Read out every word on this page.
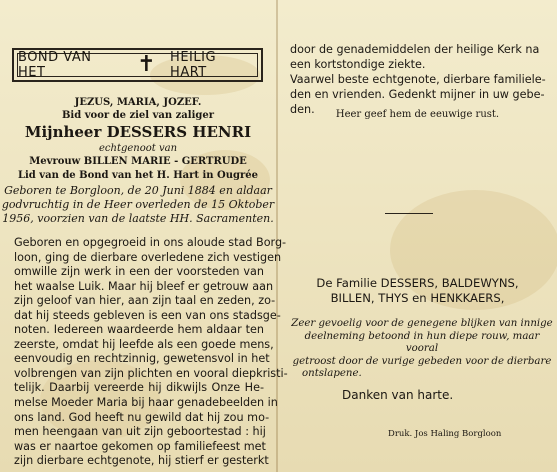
BOND VAN HET	✝ HEILIG HART
JEZUS, MARIA, JOZEF.
Bid voor de ziel van zaliger
Mijnheer DESSERS HENRI
echtgenoot van
Mevrouw BILLEN MARIE - GERTRUDE
Lid van de Bond van het H. Hart in Ougrée
Geboren te Borgloon, de 20 Juni 1884 en aldaar
godvruchtig in de Heer overleden de 15 Oktober
1956, voorzien van de laatste HH. Sacramenten.
Geboren en opgegroeid in ons aloude stad Borg-
loon, ging de dierbare overledene zich vestigen
omwille zijn werk in een der voorsteden van
het waalse Luik. Maar hij bleef er getrouw aan
zijn geloof van hier, aan zijn taal en zeden, zo-
dat hij steeds gebleven is een van ons stadsge-
noten. Iedereen waardeerde hem aldaar ten
zeerste, omdat hij leefde als een goede mens,
eenvoudig en rechtzinnig, gewetensvol in het
volbrengen van zijn plichten en vooral diepkristi-
telijk. Daarbij vereerde hij dikwijls Onze He-
melse Moeder Maria bij haar genadebeelden in
ons land. God heeft nu gewild dat hij zou mo-
men heengaan van uit zijn geboortestad : hij
was er naartoe gekomen op familiefeest met
zijn dierbare echtgenote, hij stierf er gesterkt
door de genademiddelen der heilige Kerk na
een kortstondige ziekte.
Vaarwel beste echtgenote, dierbare familiele-
den en vrienden. Gedenkt mijner in uw gebe-
den.	Heer geef hem de eeuwige rust.
De Familie DESSERS, BALDEWYNS,
BILLEN, THYS en HENKKAERS,
Zeer gevoelig voor de genegene blijken van innige
deelneming betoond in hun diepe rouw, maar vooral
getroost door de vurige gebeden voor de dierbare
ontslapene.
Danken van harte.
Druk. Jos Haling Borgloon
